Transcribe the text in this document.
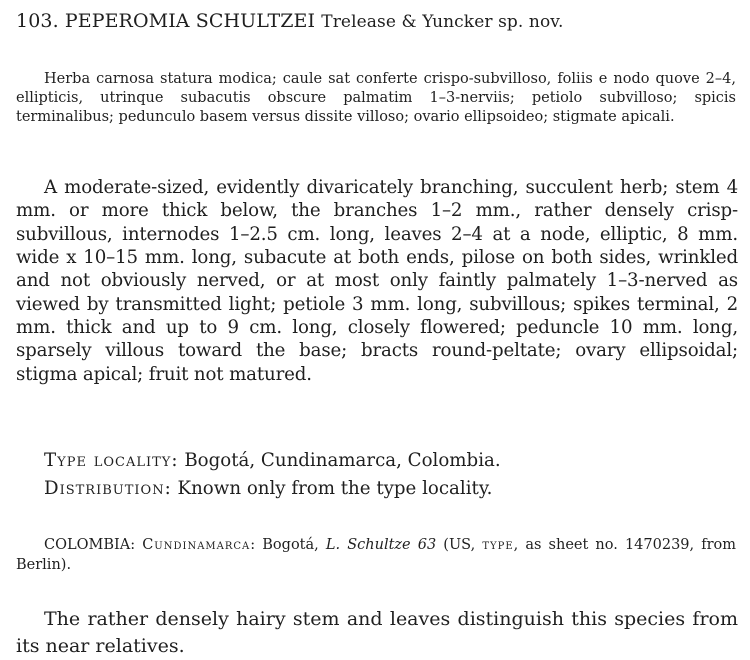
103. PEPEROMIA SCHULTZEI Trelease & Yuncker sp. nov.

Herba carnosa statura modica; caule sat conferte crispo-subvilloso, foliis e nodo quove 2–4, ellipticis, utrinque subacutis obscure palmatim 1–3-nerviis; petiolo subvilloso; spicis terminalibus; pedunculo basem versus dissite villoso; ovario ellipsoideo; stigmate apicali.

A moderate-sized, evidently divaricately branching, succulent herb; stem 4 mm. or more thick below, the branches 1–2 mm., rather densely crisp-subvillous, internodes 1–2.5 cm. long, leaves 2–4 at a node, elliptic, 8 mm. wide x 10–15 mm. long, subacute at both ends, pilose on both sides, wrinkled and not obviously nerved, or at most only faintly palmately 1–3-nerved as viewed by transmitted light; petiole 3 mm. long, subvillous; spikes terminal, 2 mm. thick and up to 9 cm. long, closely flowered; peduncle 10 mm. long, sparsely villous toward the base; bracts round-peltate; ovary ellipsoidal; stigma apical; fruit not matured.

Type locality: Bogotá, Cundinamarca, Colombia.
Distribution: Known only from the type locality.

COLOMBIA: Cundinamarca: Bogotá, L. Schultze 63 (US, type, as sheet no. 1470239, from Berlin).

The rather densely hairy stem and leaves distinguish this species from its near relatives.
